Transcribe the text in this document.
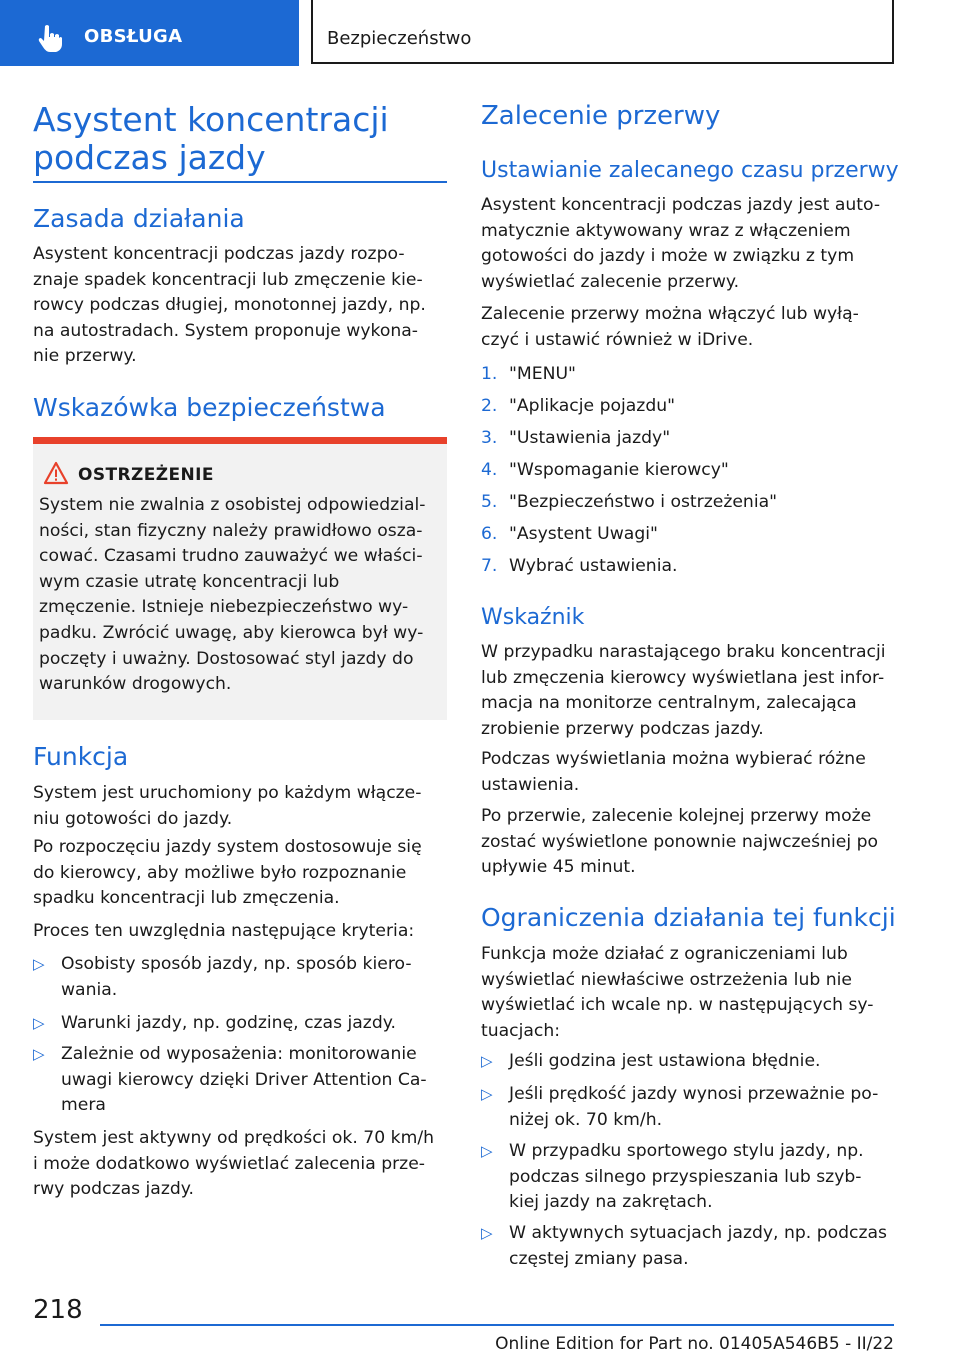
OBSŁUGA	Bezpieczeństwo
Asystent koncentracji
podczas jazdy
Zasada działania
Asystent koncentracji podczas jazdy rozpo-
znaje spadek koncentracji lub zmęczenie kie-
rowcy podczas długiej, monotonnej jazdy, np.
na autostradach. System proponuje wykona-
nie przerwy.
Wskazówka bezpieczeństwa
OSTRZEŻENIE
System nie zwalnia z osobistej odpowiedzial-
ności, stan fizyczny należy prawidłowo osza-
cować. Czasami trudno zauważyć we właści-
wym czasie utratę koncentracji lub
zmęczenie. Istnieje niebezpieczeństwo wy-
padku. Zwrócić uwagę, aby kierowca był wy-
poczęty i uważny. Dostosować styl jazdy do
warunków drogowych.
Funkcja
System jest uruchomiony po każdym włącze-
niu gotowości do jazdy.
Po rozpoczęciu jazdy system dostosowuje się
do kierowcy, aby możliwe było rozpoznanie
spadku koncentracji lub zmęczenia.
Proces ten uwzględnia następujące kryteria:
▷ Osobisty sposób jazdy, np. sposób kiero-
wania.
▷ Warunki jazdy, np. godzinę, czas jazdy.
▷ Zależnie od wyposażenia: monitorowanie
uwagi kierowcy dzięki Driver Attention Ca-
mera
System jest aktywny od prędkości ok. 70 km/h
i może dodatkowo wyświetlać zalecenia prze-
rwy podczas jazdy.
Zalecenie przerwy
Ustawianie zalecanego czasu przerwy
Asystent koncentracji podczas jazdy jest auto-
matycznie aktywowany wraz z włączeniem
gotowości do jazdy i może w związku z tym
wyświetlać zalecenie przerwy.
Zalecenie przerwy można włączyć lub wyłą-
czyć i ustawić również w iDrive.
1. "MENU"
2. "Aplikacje pojazdu"
3. "Ustawienia jazdy"
4. "Wspomaganie kierowcy"
5. "Bezpieczeństwo i ostrzeżenia"
6. "Asystent Uwagi"
7. Wybrać ustawienia.
Wskaźnik
W przypadku narastającego braku koncentracji
lub zmęczenia kierowcy wyświetlana jest infor-
macja na monitorze centralnym, zalecająca
zrobienie przerwy podczas jazdy.
Podczas wyświetlania można wybierać różne
ustawienia.
Po przerwie, zalecenie kolejnej przerwy może
zostać wyświetlone ponownie najwcześniej po
upływie 45 minut.
Ograniczenia działania tej funkcji
Funkcja może działać z ograniczeniami lub
wyświetlać niewłaściwe ostrzeżenia lub nie
wyświetlać ich wcale np. w następujących sy-
tuacjach:
▷ Jeśli godzina jest ustawiona błędnie.
▷ Jeśli prędkość jazdy wynosi przeważnie po-
niżej ok. 70 km/h.
▷ W przypadku sportowego stylu jazdy, np.
podczas silnego przyspieszania lub szyb-
kiej jazdy na zakrętach.
▷ W aktywnych sytuacjach jazdy, np. podczas
częstej zmiany pasa.
218
Online Edition for Part no. 01405A546B5 - II/22
